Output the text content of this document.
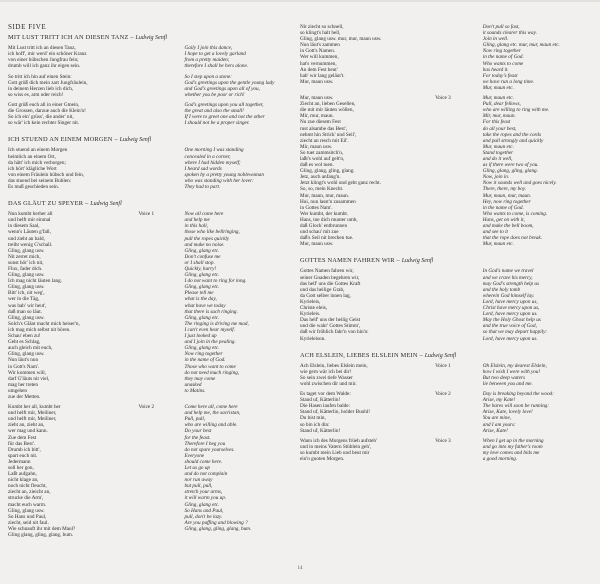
SIDE FIVE
MIT LUST TRITT ICH AN DIESEN TANZ – Ludwig Senfl
Mit Lust tritt ich an diesen Tanz,
ich hoff', mir werd' ein schöner Kranz
von einer hübschen Jungfrau fein;
drumb will ich ganz ihr eigen sein.
Gaily I join this dance,
I hope to get a lovely garland
from a pretty maiden;
therefore I shall be hers alone.
So tritt ich hin auf einen Stein:
Gott grüß dich mein zart Jungfräulein,
in deinem Herzen lieb ich dich,
so wiss es, arm oder reich!
So I step upon a stone:
God's greetings upon the gentle young lady
and God's greetings upon all of you,
whether you be poor or rich!
Gott grüß euch all in einer Gmein,
die Grossen, darzue auch die Klein'n!
So ich ein' grüss', die ander' nit,
so wär' ich kein rechter Singer nit.
God's greetings upon you all together,
the great and also the small!
If I were to greet one and not the other
I should not be a proper singer.
ICH STUEND AN EINEM MORGEN – Ludwig Senfl
Ich stuend an einem Morgen
heimlich an einem Ort,
da hätt' ich mich verborgen;
ich hört' klägliche Wort
von einem Fräulein hübsch und fein,
das stuend bei seinem Buhlen:
Es muß geschieden sein.
One morning I was standing
concealed in a corner,
where I had hidden myself;
I heard sad words
spoken by a pretty young noblewoman
who was standing with her lover:
They had to part.
DAS GLÄUT ZU SPEYER – Ludwig Senfl
Nun kumbt herher all
und helft mir einmal
in diesem Saal,
wenn's Läuten g'fall,
und zieht an bald,
treibt wenig G'schall.
Gling, glang usw.
Nit zerret mich,
sunst hör' ich nit,
Flux, fader dich.
Gling, glang usw.
Ich mag nicht läuten lang.
Gling, glang usw.
Bitt' ich, nit weg',
wer in die Täg,
was hab' wir heut',
daß man so läut.
Gling, glang usw.
Solch's Glänt macht mich heiser'n,
ich mag mich selbst nit hören.
Schau' eben zu!
Geht es Schlag,
auch gleich mit euch,
Gling, glang usw.
Nun läut's nun
in Gott's Nam'.
Wir kommen will,
darf G'läuts nit viel,
mag her treten
umgehen
zue der Metten.
Voice 1	Now all come here
and help me
in this hall,
those who like bellringing,
pull the ropes quickly
and make no noise.
Gling, glang etc.
Don't confuse me
or I shall stop.
Quickly, hurry!
Gling, glang etc.
I do not want to ring for long.
Gling, glang etc.
Please tell me
what is the day,
what have we today
that there is such ringing.
Gling, glang etc.
The ringing is driving me mad,
I can't even hear myself.
I just looked up
and I join in the pealing.
Gling, glang etc.
Now ring together
in the name of God.
Those who want to come
do not need much ringing,
they may come
unasked
to Matins.
Kumbt her all, kumbt her
und helft mir, Meiliner,
und helft mir, Meiliner,
zieht an, zieht an,
wer mag und kann.
Zue dem Fest
für das Best'.
Drumb ich bitt',
spart euch nit.
Jedermann
soll her gon,
Laßt aufgahn,
nicht klage an,
noch nicht fleucht,
ziecht an, zieicht an,
strucke die Arm',
macht euch warm.
Gling, glang usw.
So Hans und Paul,
ziecht, seid nit faul.
Wie schnauft ihr mit dem Maul?
Gling glang, gling, glang, bum.
Voice 2	Come here all, come here
and help me, the sacristan,
Pull, pull,
who are willing and able.
Do your best
for the feast.
Therefore I beg you
do not spare yourselves.
Everyone
should come here.
Let us go up
and do not complain
nor run away
but pull, pull,
stretch your arms,
it will warm you up.
Gling, glang etc.
So Hans and Paul,
pull, don't be lazy.
Are you puffing and blowing ?
Gling, glang, gling, glang, bum.
Nit ziecht so schnell,
so klingt's halt hell,
Gling, glang usw. mur, mur, maun usw.
Nun läut's zammen
in Gott's Namen.
Wer will kummen,
hat's vernummen,
An dem Fest heut'
hab' wir lang geläut't.
Mur, maun usw.
Don't pull so fast,
it sounds clearer this way.
Join in well.
Gling, glang etc. mur, mur, maun etc.
Now ring together
in the name of God.
Who wants to come
has heard it.
For today's feast
we have run a long time.
Mur, maun etc.
Mur, maun usw.
Ziecht an, lieben Gesellen,
die mit mir läuten wöllen,
Mir, mur, maun.
Nu zue diesem Fest
rust alsambe das Best',
nehmt hin Strick' und Seil',
ziecht an resch mit Eil'.
Mir, maun usw.
So tuet zammsitch'n,
laßt's wohl auf gelt'n,
daß es wol tuen.
Gling, glang, gling, glang.
Jetz, auch anfang'n.
Jetzt klingt's wohl und geht ganz recht.
So, so, mein Knecht.
Mur, maun, mur, maun.
Hui, nun lasst'n zusammen
in Gottes Nam'.
Wer kumbt, der kumbt.
Hans, tue dich munter umb,
daß Glock' entbrunnen
und schau' mit zue
daß's Seil nit brechen tue.
Mur, maun usw.
Voice 3	Mur, maun etc.
Pull, dear fellows,
who are willing to ring with me.
Mir, mur, maun.
For this feast
do all your best,
take the ropes and the cords
and pull strongly and quickly
Mur, maun etc.
Stand together
and do it well,
as if there were two of you.
Gling, glang, gling, glang.
Now, join in.
Now it sounds well and goes nicely.
There, there, my boy.
Mur, maun, mur, maun.
Hey, now ring together
in the name of God.
Who wants to come, is coming.
Hans, get on with it,
and make the bell boom,
and see to it
that the rope does not break.
Mur, maun etc.
GOTTES NAMEN FAHREN WIR – Ludwig Senfl
Gottes Namen fahren wir,
seiner Gnaden begehren wir,
das helf' uns die Gottes Kraft
und das heilige Grab,
da Gott selber innen lag,
Kyrieleis,
Christe eleis,
Kyrieleis.
Das helf' uns der heilig Geist
und die wahr' Gottes Stimm',
daß wir fröhlich fahr'n von hin'n:
Kyrieleison.
In God's name we travel
and we crave his mercy,
may God's strength help us
and the holy tomb
wherein God himself lay.
Lord, have mercy upon us,
Christ have mercy upon us,
Lord, have mercy upon us.
May the Holy Ghost help us
and the true voice of God,
so that we may depart happily:
Lord, have mercy upon us.
ACH ELSLEIN, LIEBES ELSLEIN MEIN – Ludwig Senfl
Ach Elslein, liebes Elslein mein,
wie gern wär ich bei dir!
So sein zwei tiefe Wasser
wohl zwischen dir und mir.
Voice 1	Oh Elslein, my dearest Elslein,
how I wish I were with you!
But two deep waters
lie between you and me.
Es taget vor dem Walde:
Stand uf, Kätterlin!
Die Hasen laufen balde:
Stand uf, Kätterlin, holder Buohl!
Du bist min,
so bin ich din:
Stand uf, Kätterlin!
Voice 2	Day is breaking beyond the wood:
Arise, my Kate!
The hares will soon be running:
Arise, Kate, lovely love!
You are mine,
and I am yours:
Arise, Kate!
Wann ich des Morgens früeh aufsteh'
und in meins Vatern Stüblein geh',
so kumbt mein Lieb und beut mir
ein'n guoten Morgen.
Voice 3	When I get up in the morning
and go into my father's room
my love comes and bids me
a good morning.
14
